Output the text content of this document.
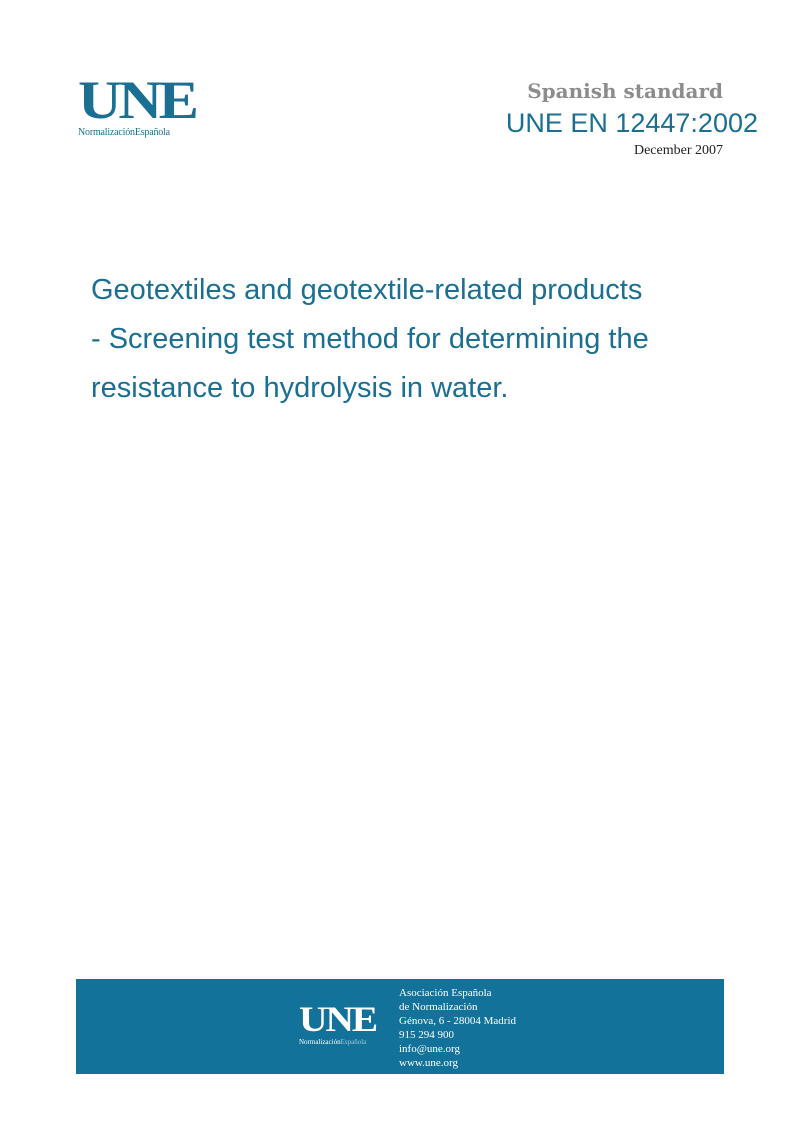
UNE
NormalizaciónEspañola
Spanish standard
UNE EN 12447:2002
December 2007
Geotextiles and geotextile-related products
- Screening test method for determining the
resistance to hydrolysis in water.
UNE
NormalizaciónEspañola
Asociación Española
de Normalización
Génova, 6 - 28004 Madrid
915 294 900
info@une.org
www.une.org
